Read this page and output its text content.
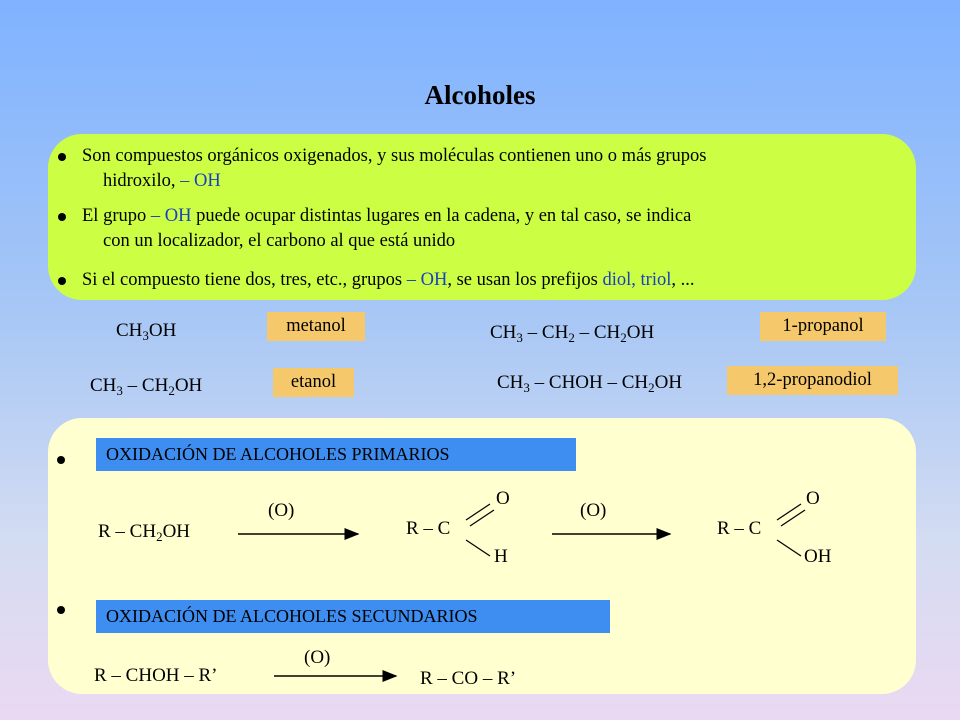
Alcoholes
Son compuestos orgánicos oxigenados, y sus moléculas contienen uno o más grupos
hidroxilo, – OH
El grupo – OH puede ocupar distintas lugares en la cadena, y en tal caso, se indica
con un localizador, el carbono al que está unido
Si el compuesto tiene dos, tres, etc., grupos – OH, se usan los prefijos diol, triol, ...
$CH_3OH$	metanol
$CH_3 - CH_2OH$	etanol
$CH_3 - CH_2 - CH_2OH$	1-propanol
$CH_3$ – CHOH – $CH_2OH$	1,2-propanodiol
OXIDACIÓN DE ALCOHOLES PRIMARIOS
R – $CH_2OH$
(O)
R – C
O
H
(O)
R – C
O
OH
OXIDACIÓN DE ALCOHOLES SECUNDARIOS
R – CHOH – R’
(O)
R – CO – R’
